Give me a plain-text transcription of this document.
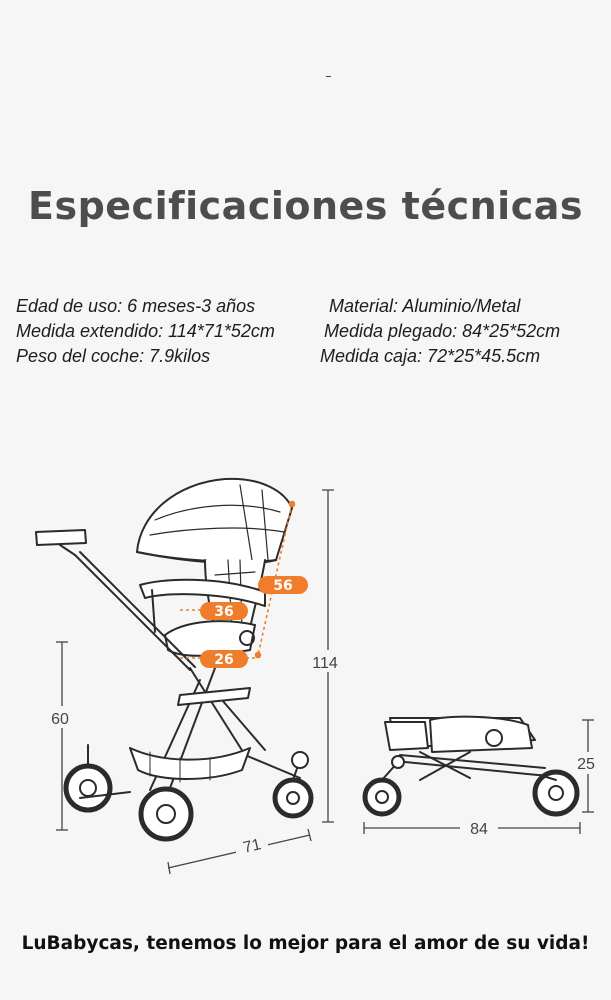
Especificaciones técnicas
Edad de uso: 6 meses-3 años	Material: Aluminio/Metal
Medida extendido: 114*71*52cm	Medida plegado: 84*25*52cm
Peso del coche: 7.9kilos	Medida caja: 72*25*45.5cm
56
36
26	114
60
71
25
84
LuBabycas, tenemos lo mejor para el amor de su vida!
